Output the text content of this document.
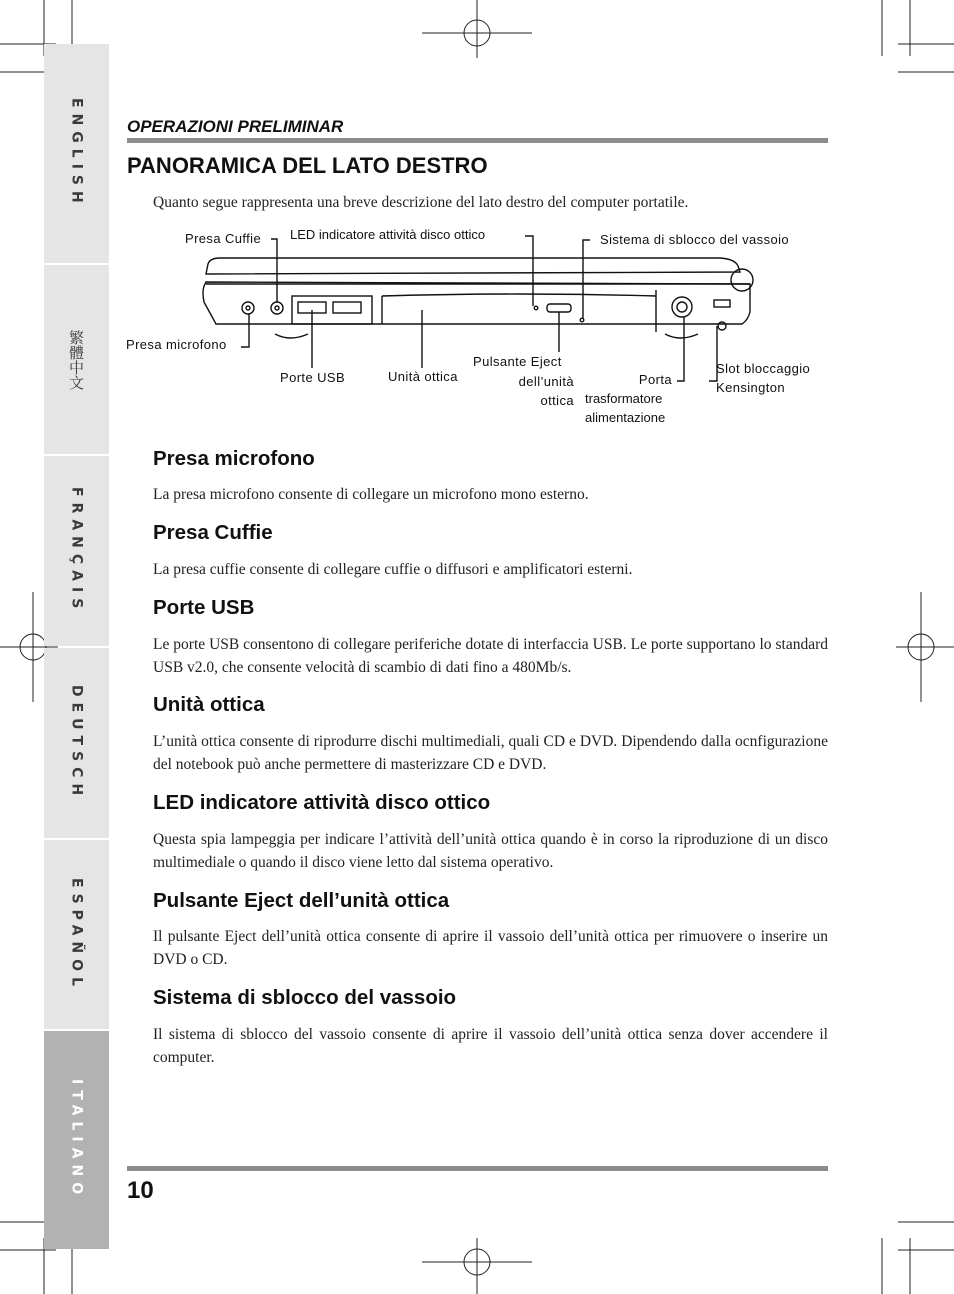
ENGLISH
繁體中文
FRANÇAIS
DEUTSCH
ESPAÑOL
ITALIANO
OPERAZIONI PRELIMINAR
PANORAMICA DEL LATO DESTRO
Quanto segue rappresenta una breve descrizione del lato destro del computer portatile.
Presa Cuffie LED indicatore attività disco ottico	Sistema di sblocco del vassoio
Presa microfono
Porte USB	Unità ottica
Pulsante Eject
dell’unità
ottica
Porta
trasformatore
alimentazione
Slot bloccaggio
Kensington
Presa microfono
La presa microfono consente di collegare un microfono mono esterno.
Presa Cuffie
La presa cuffie consente di collegare cuffie o diffusori e amplificatori esterni.
Porte USB
Le porte USB consentono di collegare periferiche dotate di interfaccia USB. Le porte supportano lo standard USB v2.0, che consente velocità di scambio di dati fino a 480Mb/s.
Unità ottica
L’unità ottica consente di riprodurre dischi multimediali, quali CD e DVD. Dipendendo dalla ocnfigurazione del notebook può anche permettere di masterizzare CD e DVD.
LED indicatore attività disco ottico
Questa spia lampeggia per indicare l’attività dell’unità ottica quando è in corso la riproduzione di un disco multimediale o quando il disco viene letto dal sistema operativo.
Pulsante Eject dell’unità ottica
Il pulsante Eject dell’unità ottica consente di aprire il vassoio dell’unità ottica per rimuovere o inserire un DVD o CD.
Sistema di sblocco del vassoio
Il sistema di sblocco del vassoio consente di aprire il vassoio dell’unità ottica senza dover accendere il computer.
10
